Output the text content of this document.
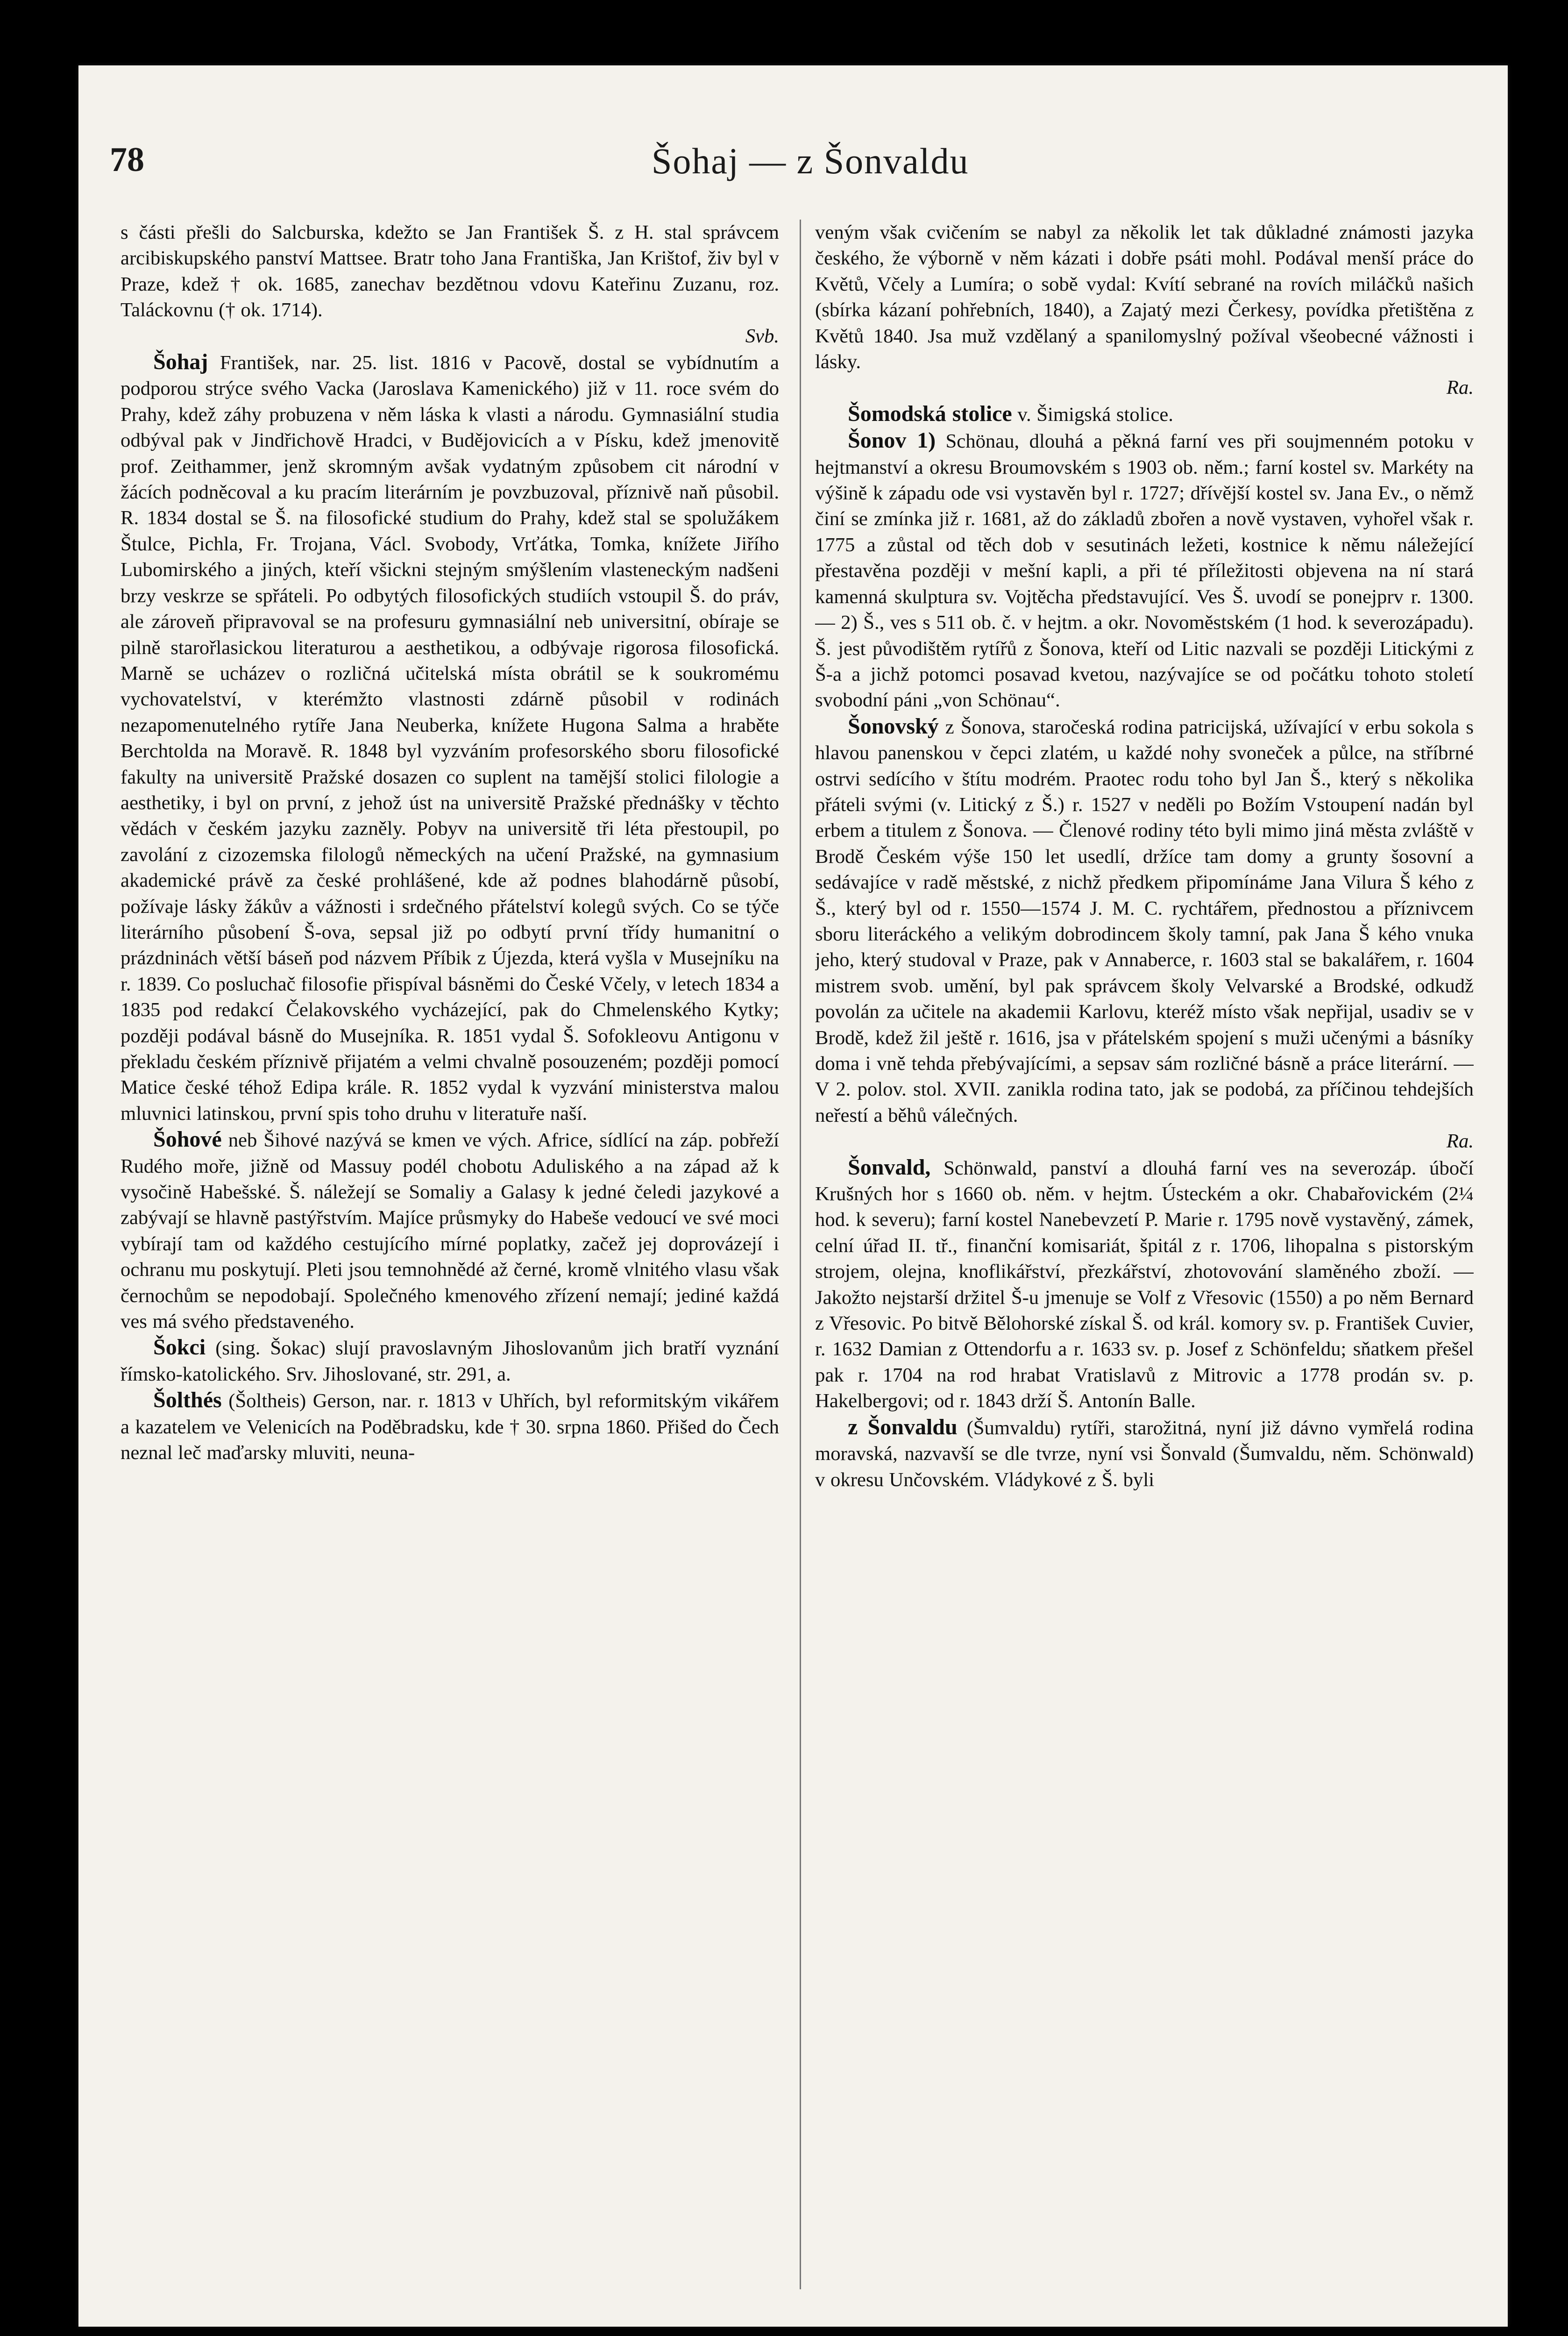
78	Šohaj — z Šonvaldu

s části přešli do Salcburska, kdežto se Jan František Š. z H. stal správcem arcibiskupského panství Mattsee. Bratr toho Jana Františka, Jan Krištof, živ byl v Praze, kdež † ok. 1685, zanechav bezdětnou vdovu Kateřinu Zuzanu, roz. Taláckovnu († ok. 1714).
Svb.

Šohaj František, nar. 25. list. 1816 v Pacově, dostal se vybídnutím a podporou strýce svého Vacka (Jaroslava Kamenického) již v 11. roce svém do Prahy, kdež záhy probuzena v něm láska k vlasti a národu. Gymnasiální studia odbýval pak v Jindřichově Hradci, v Budějovicích a v Písku, kdež jmenovitě prof. Zeithammer, jenž skromným avšak vydatným způsobem cit národní v žácích podněcoval a ku pracím literárním je povzbuzoval, příznivě naň působil. R. 1834 dostal se Š. na filosofické studium do Prahy, kdež stal se spolužákem Štulce, Pichla, Fr. Trojana, Václ. Svobody, Vrťátka, Tomka, knížete Jiřího Lubomirského a jiných, kteří všickni stejným smýšlením vlasteneckým nadšeni brzy veskrze se spřáteli. Po odbytých filosofických studiích vstoupil Š. do práv, ale zároveň připravoval se na profesuru gymnasiální neb universitní, obíraje se pilně starořlasickou literaturou a aesthetikou, a odbývaje rigorosa filosofická. Marně se ucházev o rozličná učitelská místa obrátil se k soukromému vychovatelství, v kterémžto vlastnosti zdárně působil v rodinách nezapomenutelného rytíře Jana Neuberka, knížete Hugona Salma a hraběte Berchtolda na Moravě. R. 1848 byl vyzváním profesorského sboru filosofické fakulty na universitě Pražské dosazen co suplent na tamější stolici filologie a aesthetiky, i byl on první, z jehož úst na universitě Pražské přednášky v těchto vědách v českém jazyku zazněly. Pobyv na universitě tři léta přestoupil, po zavolání z cizozemska filologů německých na učení Pražské, na gymnasium akademické právě za české prohlášené, kde až podnes blahodárně působí, požívaje lásky žákův a vážnosti i srdečného přátelství kolegů svých. Co se týče literárního působení Š-ova, sepsal již po odbytí první třídy humanitní o prázdninách větší báseň pod názvem Příbik z Újezda, která vyšla v Musejníku na r. 1839. Co posluchač filosofie přispíval básněmi do České Včely, v letech 1834 a 1835 pod redakcí Čelakovského vycházející, pak do Chmelenského Kytky; později podával básně do Musejníka. R. 1851 vydal Š. Sofokleovu Antigonu v překladu českém příznivě přijatém a velmi chvalně posouzeném; později pomocí Matice české téhož Edipa krále. R. 1852 vydal k vyzvání ministerstva malou mluvnici latinskou, první spis toho druhu v literatuře naší.

Šohové neb Šihové nazývá se kmen ve vých. Africe, sídlící na záp. pobřeží Rudého moře, jižně od Massuy podél chobotu Aduliského a na západ až k vysočině Habešské. Š. náležejí se Somaliy a Galasy k jedné čeledi jazykové a zabývají se hlavně pastýřstvím. Majíce průsmyky do Habeše vedoucí ve své moci vybírají tam od každého cestujícího mírné poplatky, začež jej doprovázejí i ochranu mu poskytují. Pleti jsou temnohnědé až černé, kromě vlnitého vlasu však černochům se nepodobají. Společného kmenového zřízení nemají; jediné každá ves má svého představeného.

Šokci (sing. Šokac) slují pravoslavným Jihoslovanům jich bratří vyznání římsko-katolického. Srv. Jihoslované, str. 291, a.

Šolthés (Šoltheis) Gerson, nar. r. 1813 v Uhřích, byl reformitským vikářem a kazatelem ve Velenicích na Poděbradsku, kde † 30. srpna 1860. Přišed do Čech neznal leč maďarsky mluviti, neuna-

veným však cvičením se nabyl za několik let tak důkladné známosti jazyka českého, že výborně v něm kázati i dobře psáti mohl. Podával menší práce do Květů, Včely a Lumíra; o sobě vydal: Kvítí sebrané na rovích miláčků našich (sbírka kázaní pohřebních, 1840), a Zajatý mezi Čerkesy, povídka přetištěna z Květů 1840. Jsa muž vzdělaný a spanilomyslný požíval všeobecné vážnosti i lásky.
Ra.

Šomodská stolice v. Šimigská stolice.

Šonov 1) Schönau, dlouhá a pěkná farní ves při soujmenném potoku v hejtmanství a okresu Broumovském s 1903 ob. něm.; farní kostel sv. Markéty na výšině k západu ode vsi vystavěn byl r. 1727; dřívější kostel sv. Jana Ev., o němž činí se zmínka již r. 1681, až do základů zbořen a nově vystaven, vyhořel však r. 1775 a zůstal od těch dob v sesutinách ležeti, kostnice k němu náležející přestavěna později v mešní kapli, a při té příležitosti objevena na ní stará kamenná skulptura sv. Vojtěcha představující. Ves Š. uvodí se ponejprv r. 1300. — 2) Š., ves s 511 ob. č. v hejtm. a okr. Novoměstském (1 hod. k severozápadu). Š. jest původištěm rytířů z Šonova, kteří od Litic nazvali se později Litickými z Š-a a jichž potomci posavad kvetou, nazývajíce se od počátku tohoto století svobodní páni „von Schönau“.

Šonovský z Šonova, staročeská rodina patricijská, užívající v erbu sokola s hlavou panenskou v čepci zlatém, u každé nohy svoneček a půlce, na stříbrné ostrvi sedícího v štítu modrém. Praotec rodu toho byl Jan Š., který s několika přáteli svými (v. Litický z Š.) r. 1527 v neděli po Božím Vstoupení nadán byl erbem a titulem z Šonova. — Členové rodiny této byli mimo jiná města zvláště v Brodě Českém výše 150 let usedlí, držíce tam domy a grunty šosovní a sedávajíce v radě městské, z nichž předkem připomínáme Jana Vilura Š kého z Š., který byl od r. 1550—1574 J. M. C. rychtářem, přednostou a příznivcem sboru literáckého a velikým dobrodincem školy tamní, pak Jana Š kého vnuka jeho, který studoval v Praze, pak v Annaberce, r. 1603 stal se bakalářem, r. 1604 mistrem svob. umění, byl pak správcem školy Velvarské a Brodské, odkudž povolán za učitele na akademii Karlovu, kteréž místo však nepřijal, usadiv se v Brodě, kdež žil ještě r. 1616, jsa v přátelském spojení s muži učenými a básníky doma i vně tehda přebývajícími, a sepsav sám rozličné básně a práce literární. — V 2. polov. stol. XVII. zanikla rodina tato, jak se podobá, za příčinou tehdejších neřestí a běhů válečných.
Ra.

Šonvald, Schönwald, panství a dlouhá farní ves na severozáp. úbočí Krušných hor s 1660 ob. něm. v hejtm. Ústeckém a okr. Chabařovickém (2¼ hod. k severu); farní kostel Nanebevzetí P. Marie r. 1795 nově vystavěný, zámek, celní úřad II. tř., finanční komisariát, špitál z r. 1706, lihopalna s pistorským strojem, olejna, knoflikářství, přezkářství, zhotovování slaměného zboží. — Jakožto nejstarší držitel Š-u jmenuje se Volf z Vřesovic (1550) a po něm Bernard z Vřesovic. Po bitvě Bělohorské získal Š. od král. komory sv. p. František Cuvier, r. 1632 Damian z Ottendorfu a r. 1633 sv. p. Josef z Schönfeldu; sňatkem přešel pak r. 1704 na rod hrabat Vratislavů z Mitrovic a 1778 prodán sv. p. Hakelbergovi; od r. 1843 drží Š. Antonín Balle.

z Šonvaldu (Šumvaldu) rytíři, starožitná, nyní již dávno vymřelá rodina moravská, nazvavší se dle tvrze, nyní vsi Šonvald (Šumvaldu, něm. Schönwald) v okresu Unčovském. Vládykové z Š. byli
